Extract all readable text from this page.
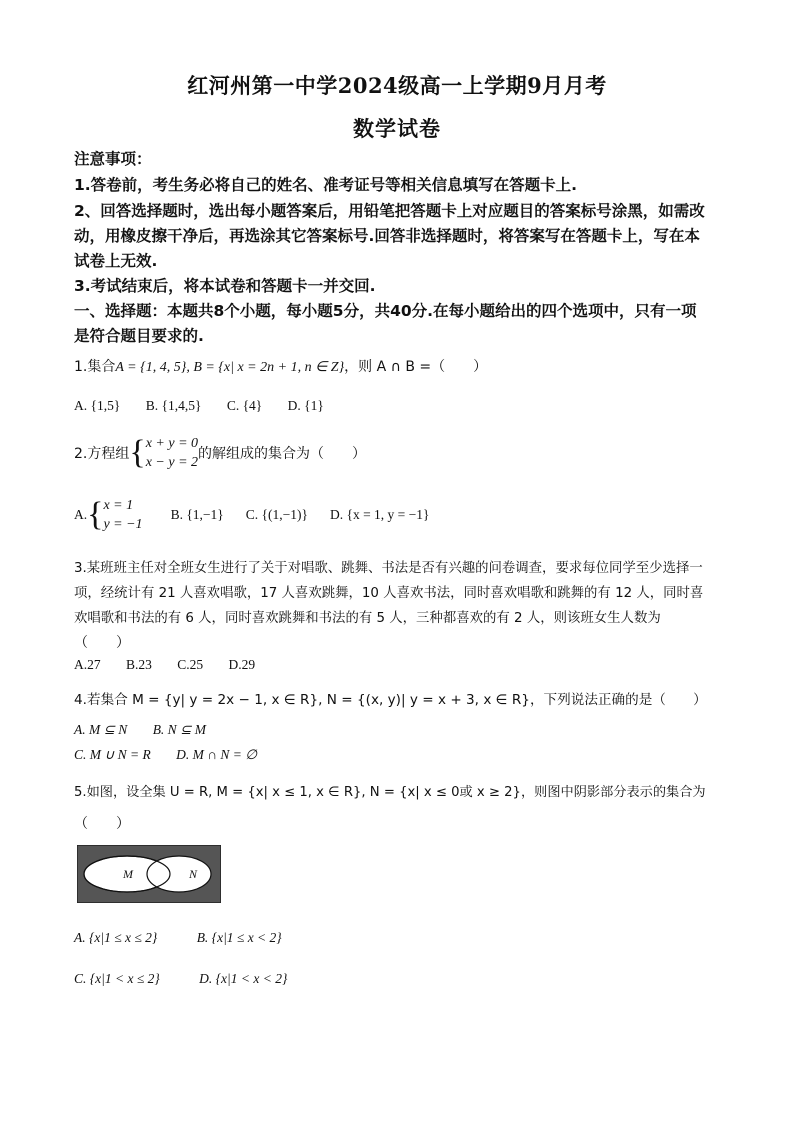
红河州第一中学2024级高一上学期9月月考
数学试卷
注意事项：
1.答卷前，考生务必将自己的姓名、准考证号等相关信息填写在答题卡上.
2、回答选择题时，选出每小题答案后，用铅笔把答题卡上对应题目的答案标号涂黑，如需改
动，用橡皮擦干净后，再选涂其它答案标号.回答非选择题时，将答案写在答题卡上，写在本
试卷上无效.
3.考试结束后，将本试卷和答题卡一并交回.
一、选择题：本题共8个小题，每小题5分，共40分.在每小题给出的四个选项中，只有一项
是符合题目要求的.
1.集合A = {1, 4, 5}, B = {x| x = 2n + 1, n ∈ Z}，则 A ∩ B =（　　）
A. {1,5} B. {1,4,5} C. {4} D. {1}
2.方程组{x + y = 0
x − y = 2的解组成的集合为（　　）
A.{x = 1
y = −1B. {1,−1} C. {(1,−1)} D. {x = 1, y = −1}
3.某班班主任对全班女生进行了关于对唱歌、跳舞、书法是否有兴趣的问卷调查，要求每位同学至少选择一
项，经统计有 21 人喜欢唱歌，17 人喜欢跳舞，10 人喜欢书法，同时喜欢唱歌和跳舞的有 12 人，同时喜
欢唱歌和书法的有 6 人，同时喜欢跳舞和书法的有 5 人，三种都喜欢的有 2 人，则该班女生人数为
（　　）
A.27 B.23 C.25 D.29
4.若集合 M = {y| y = 2x − 1, x ∈ R}, N = {(x, y)| y = x + 3, x ∈ R}，下列说法正确的是（　　）
A. M ⊆ N B. N ⊆ M
C. M ∪ N = R D. M ∩ N = ∅
5.如图，设全集 U = R, M = {x| x ≤ 1, x ∈ R}, N = {x| x ≤ 0或 x ≥ 2}，则图中阴影部分表示的集合为
（　　）
M	N
A. {x|1 ≤ x ≤ 2}	B. {x|1 ≤ x < 2}
C. {x|1 < x ≤ 2}	D. {x|1 < x < 2}
